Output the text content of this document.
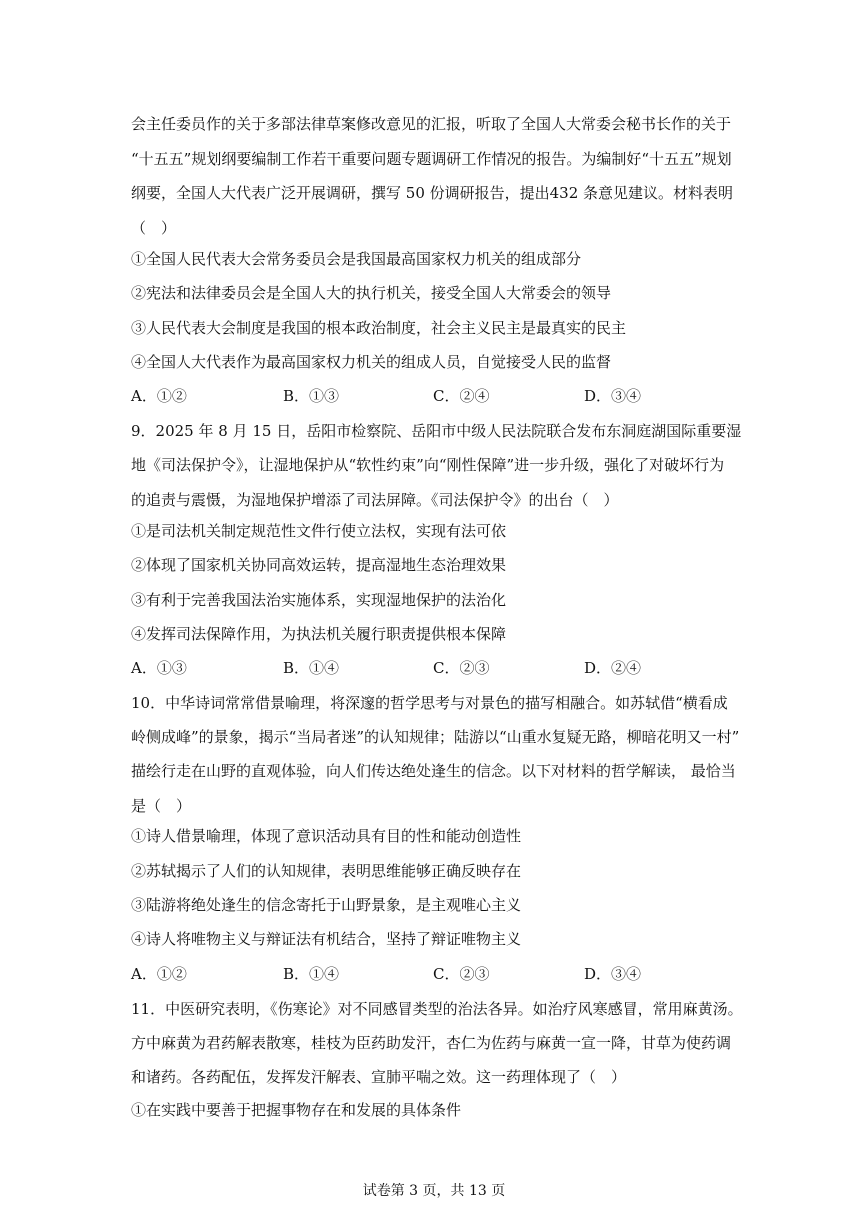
会主任委员作的关于多部法律草案修改意见的汇报，听取了全国人大常委会秘书长作的关于
“十五五”规划纲要编制工作若干重要问题专题调研工作情况的报告。为编制好“十五五”规划
纲要，全国人大代表广泛开展调研，撰写 50 份调研报告，提出432 条意见建议。材料表明
（　）
①全国人民代表大会常务委员会是我国最高国家权力机关的组成部分
②宪法和法律委员会是全国人大的执行机关，接受全国人大常委会的领导
③人民代表大会制度是我国的根本政治制度，社会主义民主是最真实的民主
④全国人大代表作为最高国家权力机关的组成人员，自觉接受人民的监督
A．①②	B．①③	C．②④	D．③④
9．2025 年 8 月 15 日，岳阳市检察院、岳阳市中级人民法院联合发布东洞庭湖国际重要湿
地《司法保护令》，让湿地保护从“软性约束”向“刚性保障”进一步升级，强化了对破坏行为
的追责与震慑，为湿地保护增添了司法屏障。《司法保护令》的出台（　）
①是司法机关制定规范性文件行使立法权，实现有法可依
②体现了国家机关协同高效运转，提高湿地生态治理效果
③有利于完善我国法治实施体系，实现湿地保护的法治化
④发挥司法保障作用，为执法机关履行职责提供根本保障
A．①③	B．①④	C．②③	D．②④
10．中华诗词常常借景喻理，将深邃的哲学思考与对景色的描写相融合。如苏轼借“横看成
岭侧成峰”的景象，揭示“当局者迷”的认知规律；陆游以“山重水复疑无路，柳暗花明又一村”
描绘行走在山野的直观体验，向人们传达绝处逢生的信念。以下对材料的哲学解读， 最恰当
是（　）
①诗人借景喻理，体现了意识活动具有目的性和能动创造性
②苏轼揭示了人们的认知规律，表明思维能够正确反映存在
③陆游将绝处逢生的信念寄托于山野景象，是主观唯心主义
④诗人将唯物主义与辩证法有机结合，坚持了辩证唯物主义
A．①②	B．①④	C．②③	D．③④
11．中医研究表明，《伤寒论》对不同感冒类型的治法各异。如治疗风寒感冒，常用麻黄汤。
方中麻黄为君药解表散寒，桂枝为臣药助发汗，杏仁为佐药与麻黄一宣一降，甘草为使药调
和诸药。各药配伍，发挥发汗解表、宣肺平喘之效。这一药理体现了（　）
①在实践中要善于把握事物存在和发展的具体条件
试卷第 3 页，共 13 页
